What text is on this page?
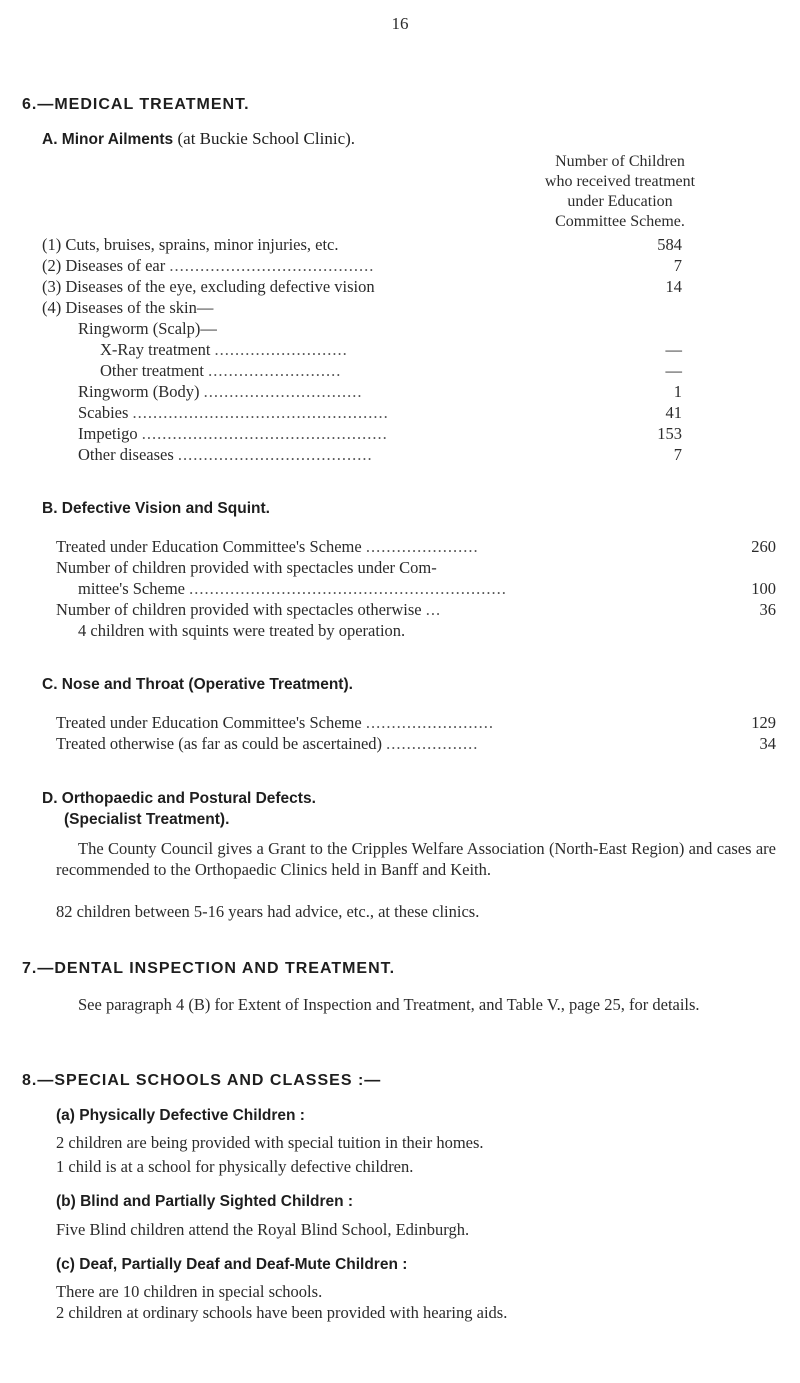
16
6.—MEDICAL TREATMENT.
A. Minor Ailments (at Buckie School Clinic).
Number of Children
who received treatment
under Education
Committee Scheme.
(1) Cuts, bruises, sprains, minor injuries, etc.	584
(2) Diseases of ear ........................................	7
(3) Diseases of the eye, excluding defective vision	14
(4) Diseases of the skin—
Ringworm (Scalp)—
X-Ray treatment ..........................	—
Other treatment ..........................	—
Ringworm (Body) ...............................	1
Scabies ..................................................	41
Impetigo ................................................	153
Other diseases ......................................	7
B. Defective Vision and Squint.
Treated under Education Committee's Scheme ......................	260
Number of children provided with spectacles under Com-
mittee's Scheme ..............................................................	100
Number of children provided with spectacles otherwise ...	36
4 children with squints were treated by operation.
C. Nose and Throat (Operative Treatment).
Treated under Education Committee's Scheme .........................	129
Treated otherwise (as far as could be ascertained) ..................	34
D. Orthopaedic and Postural Defects.
(Specialist Treatment).
The County Council gives a Grant to the Cripples Welfare Association (North-East Region) and cases are recommended to the Orthopaedic Clinics held in Banff and Keith.
82 children between 5-16 years had advice, etc., at these clinics.
7.—DENTAL INSPECTION AND TREATMENT.
See paragraph 4 (B) for Extent of Inspection and Treatment, and Table V., page 25, for details.
8.—SPECIAL SCHOOLS AND CLASSES :—
(a) Physically Defective Children :
2 children are being provided with special tuition in their homes.
1 child is at a school for physically defective children.
(b) Blind and Partially Sighted Children :
Five Blind children attend the Royal Blind School, Edinburgh.
(c) Deaf, Partially Deaf and Deaf-Mute Children :
There are 10 children in special schools.
2 children at ordinary schools have been provided with hearing aids.
